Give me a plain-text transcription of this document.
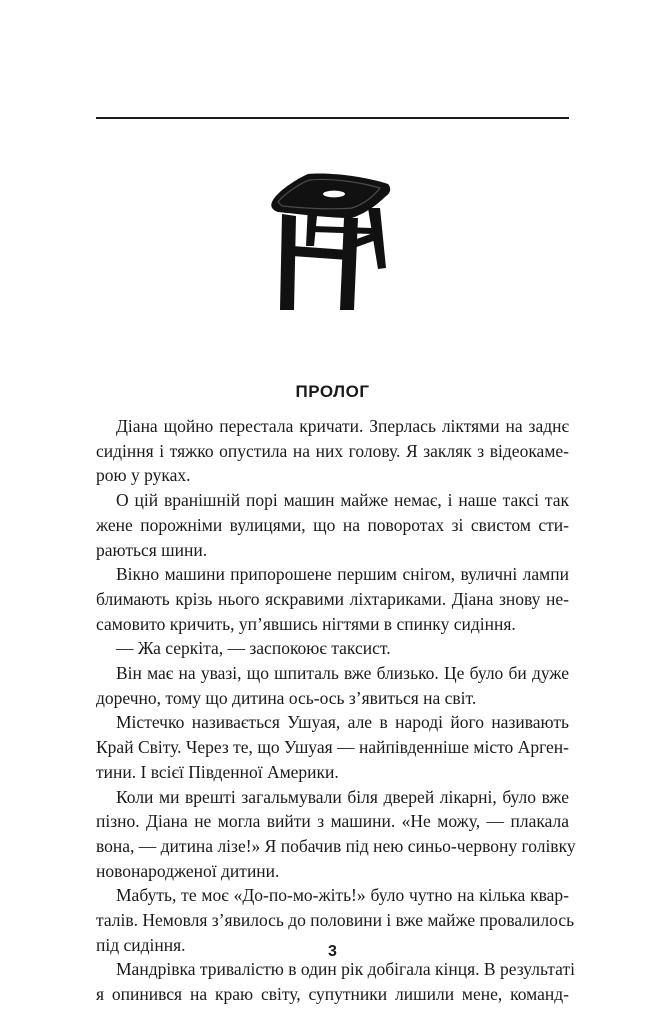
ПРОЛОГ

Діана щойно перестала кричати. Зперлась ліктями на заднє
сидіння і тяжко опустила на них голову. Я закляк з відеокаме-
рою у руках.

О цій вранішній порі машин майже немає, і наше таксі так
жене порожніми вулицями, що на поворотах зі свистом сти-
раються шини.

Вікно машини припорошене першим снігом, вуличні лампи
блимають крізь нього яскравими ліхтариками. Діана знову не-
самовито кричить, уп’явшись нігтями в спинку сидіння.

— Жа серкіта, — заспокоює таксист.

Він має на увазі, що шпиталь вже близько. Це було би дуже
доречно, тому що дитина ось-ось з’явиться на світ.

Містечко називається Ушуая, але в народі його називають
Край Світу. Через те, що Ушуая — найпівденніше місто Арген-
тини. І всієї Південної Америки.

Коли ми врешті загальмували біля дверей лікарні, було вже
пізно. Діана не могла вийти з машини. «Не можу, — плакала
вона, — дитина лізе!» Я побачив під нею синьо-червону голівку
новонародженої дитини.

Мабуть, те моє «До-по-мо-жіть!» було чутно на кілька квар-
талів. Немовля з’явилось до половини і вже майже провалилось
під сидіння.

Мандрівка тривалістю в один рік добігала кінця. В результаті
я опинився на краю світу, супутники лишили мене, команд-

3
